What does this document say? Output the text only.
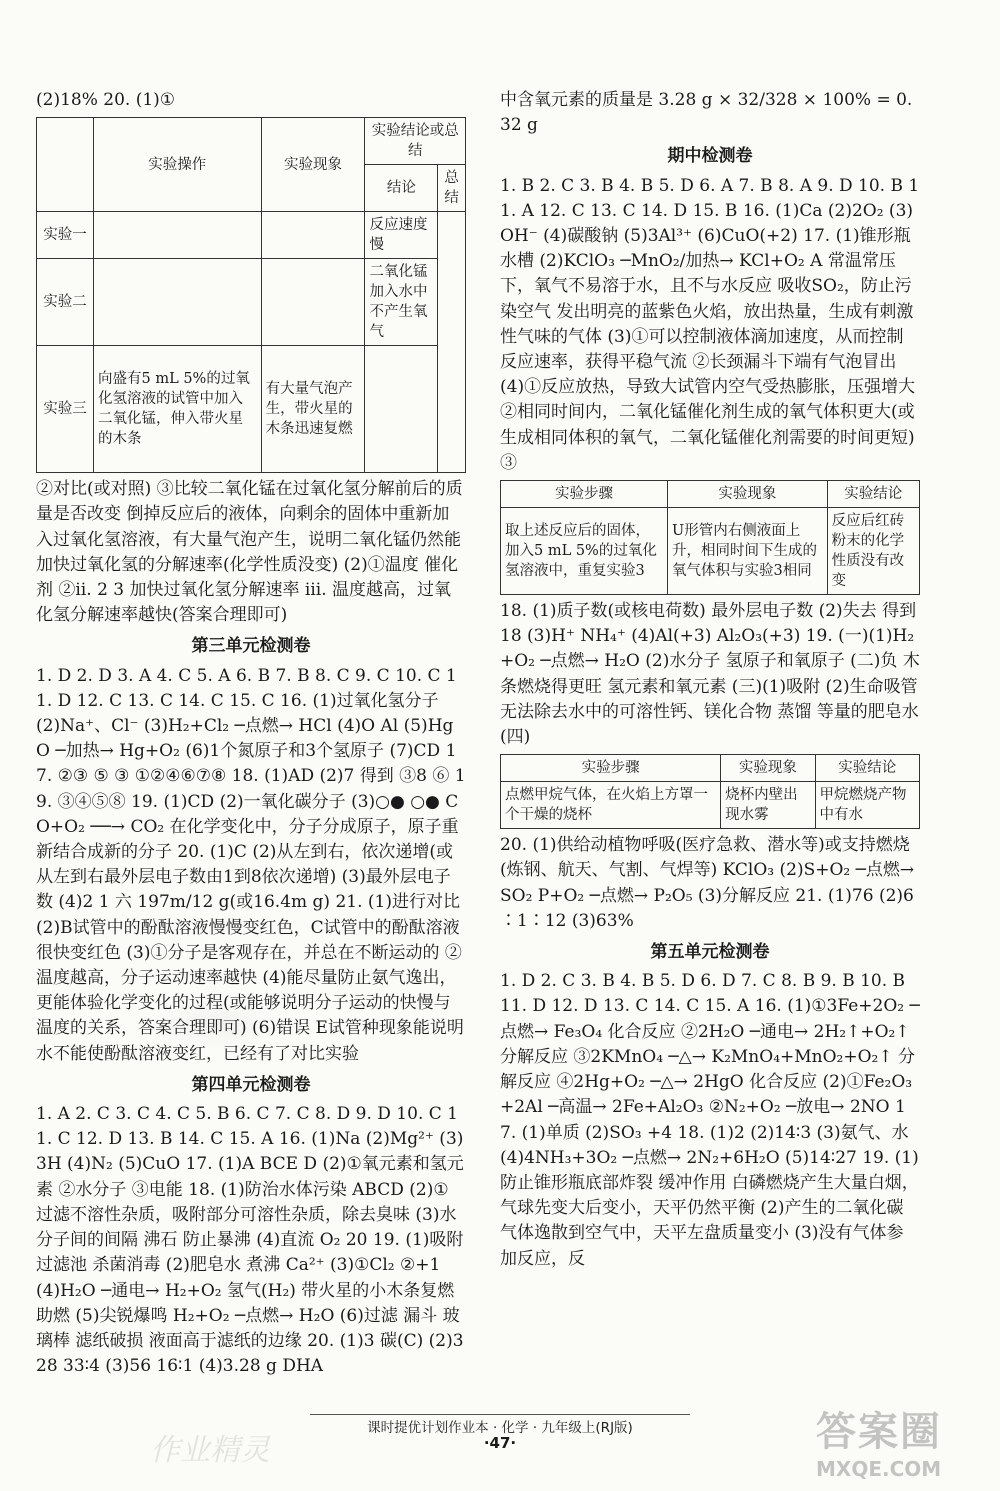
(2)18% 20. (1)①

	实验操作	实验现象	实验结论或总结	
			结论	总结
实验一			反应速度慢	
实验二			二氧化锰加入水中不产生氧气	
实验三	向盛有5 mL 5%的过氧化氢溶液的试管中加入二氧化锰，伸入带火星的木条	有大量气泡产生，带火星的木条迅速复燃		

②对比(或对照) ③比较二氧化锰在过氧化氢分解前后的质量是否改变 倒掉反应后的液体，向剩余的固体中重新加入过氧化氢溶液，有大量气泡产生，说明二氧化锰仍然能加快过氧化氢的分解速率(化学性质没变) (2)①温度 催化剂 ②ⅱ. 2 3 加快过氧化氢分解速率 ⅲ. 温度越高，过氧化氢分解速率越快(答案合理即可)

第三单元检测卷

1. D 2. D 3. A 4. C 5. A 6. B 7. B 8. C 9. C 10. C 11. D 12. C 13. C 14. C 15. C 16. (1)过氧化氢分子 (2)Na⁺、Cl⁻ (3)H₂+Cl₂ ─点燃→ HCl (4)O Al (5)HgO ─加热→ Hg+O₂ (6)1个氮原子和3个氢原子 (7)CD 17. ②③ ⑤ ③ ①②④⑥⑦⑧ 18. (1)AD (2)7 得到 ③8 ⑥ 19. ③④⑤⑧ 19. (1)CD (2)一氧化碳分子 (3)○● ○● CO+O₂ ──→ CO₂ 在化学变化中，分子分成原子，原子重新结合成新的分子 20. (1)C (2)从左到右，依次递增(或从左到右最外层电子数由1到8依次递增) (3)最外层电子数 (4)2 1 六 197m/12 g(或16.4m g) 21. (1)进行对比 (2)B试管中的酚酞溶液慢慢变红色，C试管中的酚酞溶液很快变红色 (3)①分子是客观存在，并总在不断运动的 ②温度越高，分子运动速率越快 (4)能尽量防止氨气逸出，更能体验化学变化的过程(或能够说明分子运动的快慢与温度的关系，答案合理即可) (6)错误 E试管种现象能说明水不能使酚酞溶液变红，已经有了对比实验

第四单元检测卷

1. A 2. C 3. C 4. C 5. B 6. C 7. C 8. D 9. D 10. C 11. C 12. D 13. B 14. C 15. A 16. (1)Na (2)Mg²⁺ (3)3H (4)N₂ (5)CuO 17. (1)A BCE D (2)①氧元素和氢元素 ②水分子 ③电能 18. (1)防治水体污染 ABCD (2)① 过滤不溶性杂质，吸附部分可溶性杂质，除去臭味 (3)水分子间的间隔 沸石 防止暴沸 (4)直流 O₂ 20 19. (1)吸附 过滤池 杀菌消毒 (2)肥皂水 煮沸 Ca²⁺ (3)①Cl₂ ②+1 (4)H₂O ─通电→ H₂+O₂ 氢气(H₂) 带火星的小木条复燃 助燃 (5)尖锐爆鸣 H₂+O₂ ─点燃→ H₂O (6)过滤 漏斗 玻璃棒 滤纸破损 液面高于滤纸的边缘 20. (1)3 碳(C) (2)328 33∶4 (3)56 16∶1 (4)3.28 g DHA

中含氧元素的质量是 3.28 g × 32/328 × 100% = 0.32 g

期中检测卷

1. B 2. C 3. B 4. B 5. D 6. A 7. B 8. A 9. D 10. B 11. A 12. C 13. C 14. D 15. B 16. (1)Ca (2)2O₂ (3)OH⁻ (4)碳酸钠 (5)3Al³⁺ (6)CuO(+2) 17. (1)锥形瓶 水槽 (2)KClO₃ ─MnO₂/加热→ KCl+O₂ A 常温常压下，氧气不易溶于水，且不与水反应 吸收SO₂，防止污染空气 发出明亮的蓝紫色火焰，放出热量，生成有刺激性气味的气体 (3)①可以控制液体滴加速度，从而控制反应速率，获得平稳气流 ②长颈漏斗下端有气泡冒出 (4)①反应放热，导致大试管内空气受热膨胀，压强增大 ②相同时间内，二氧化锰催化剂生成的氧气体积更大(或生成相同体积的氧气，二氧化锰催化剂需要的时间更短) ③

实验步骤	实验现象	实验结论
取上述反应后的固体，加入5 mL 5%的过氧化氢溶液中，重复实验3	U形管内右侧液面上升，相同时间下生成的氧气体积与实验3相同	反应后红砖粉末的化学性质没有改变

18. (1)质子数(或核电荷数) 最外层电子数 (2)失去 得到 18 (3)H⁺ NH₄⁺ (4)Al(+3) Al₂O₃(+3) 19. (一)(1)H₂+O₂ ─点燃→ H₂O (2)水分子 氢原子和氧原子 (二)负 木条燃烧得更旺 氢元素和氧元素 (三)(1)吸附 (2)生命吸管无法除去水中的可溶性钙、镁化合物 蒸馏 等量的肥皂水 (四)

实验步骤	实验现象	实验结论
点燃甲烷气体，在火焰上方罩一个干燥的烧杯	烧杯内壁出现水雾	甲烷燃烧产物中有水

20. (1)供给动植物呼吸(医疗急救、潜水等)或支持燃烧(炼钢、航天、气割、气焊等) KClO₃ (2)S+O₂ ─点燃→ SO₂ P+O₂ ─点燃→ P₂O₅ (3)分解反应 21. (1)76 (2)6∶1∶12 (3)63%

第五单元检测卷

1. D 2. C 3. B 4. B 5. D 6. D 7. C 8. B 9. B 10. B 11. D 12. D 13. C 14. C 15. A 16. (1)①3Fe+2O₂ ─点燃→ Fe₃O₄ 化合反应 ②2H₂O ─通电→ 2H₂↑+O₂↑ 分解反应 ③2KMnO₄ ─△→ K₂MnO₄+MnO₂+O₂↑ 分解反应 ④2Hg+O₂ ─△→ 2HgO 化合反应 (2)①Fe₂O₃+2Al ─高温→ 2Fe+Al₂O₃ ②N₂+O₂ ─放电→ 2NO 17. (1)单质 (2)SO₃ +4 18. (1)2 (2)14∶3 (3)氨气、水 (4)4NH₃+3O₂ ─点燃→ 2N₂+6H₂O (5)14∶27 19. (1)防止锥形瓶底部炸裂 缓冲作用 白磷燃烧产生大量白烟，气球先变大后变小，天平仍然平衡 (2)产生的二氧化碳气体逸散到空气中，天平左盘质量变小 (3)没有气体参加反应，反

课时提优计划作业本 · 化学 · 九年级上(RJ版)
·47·
作业精灵	答案圈
MXQE.COM
